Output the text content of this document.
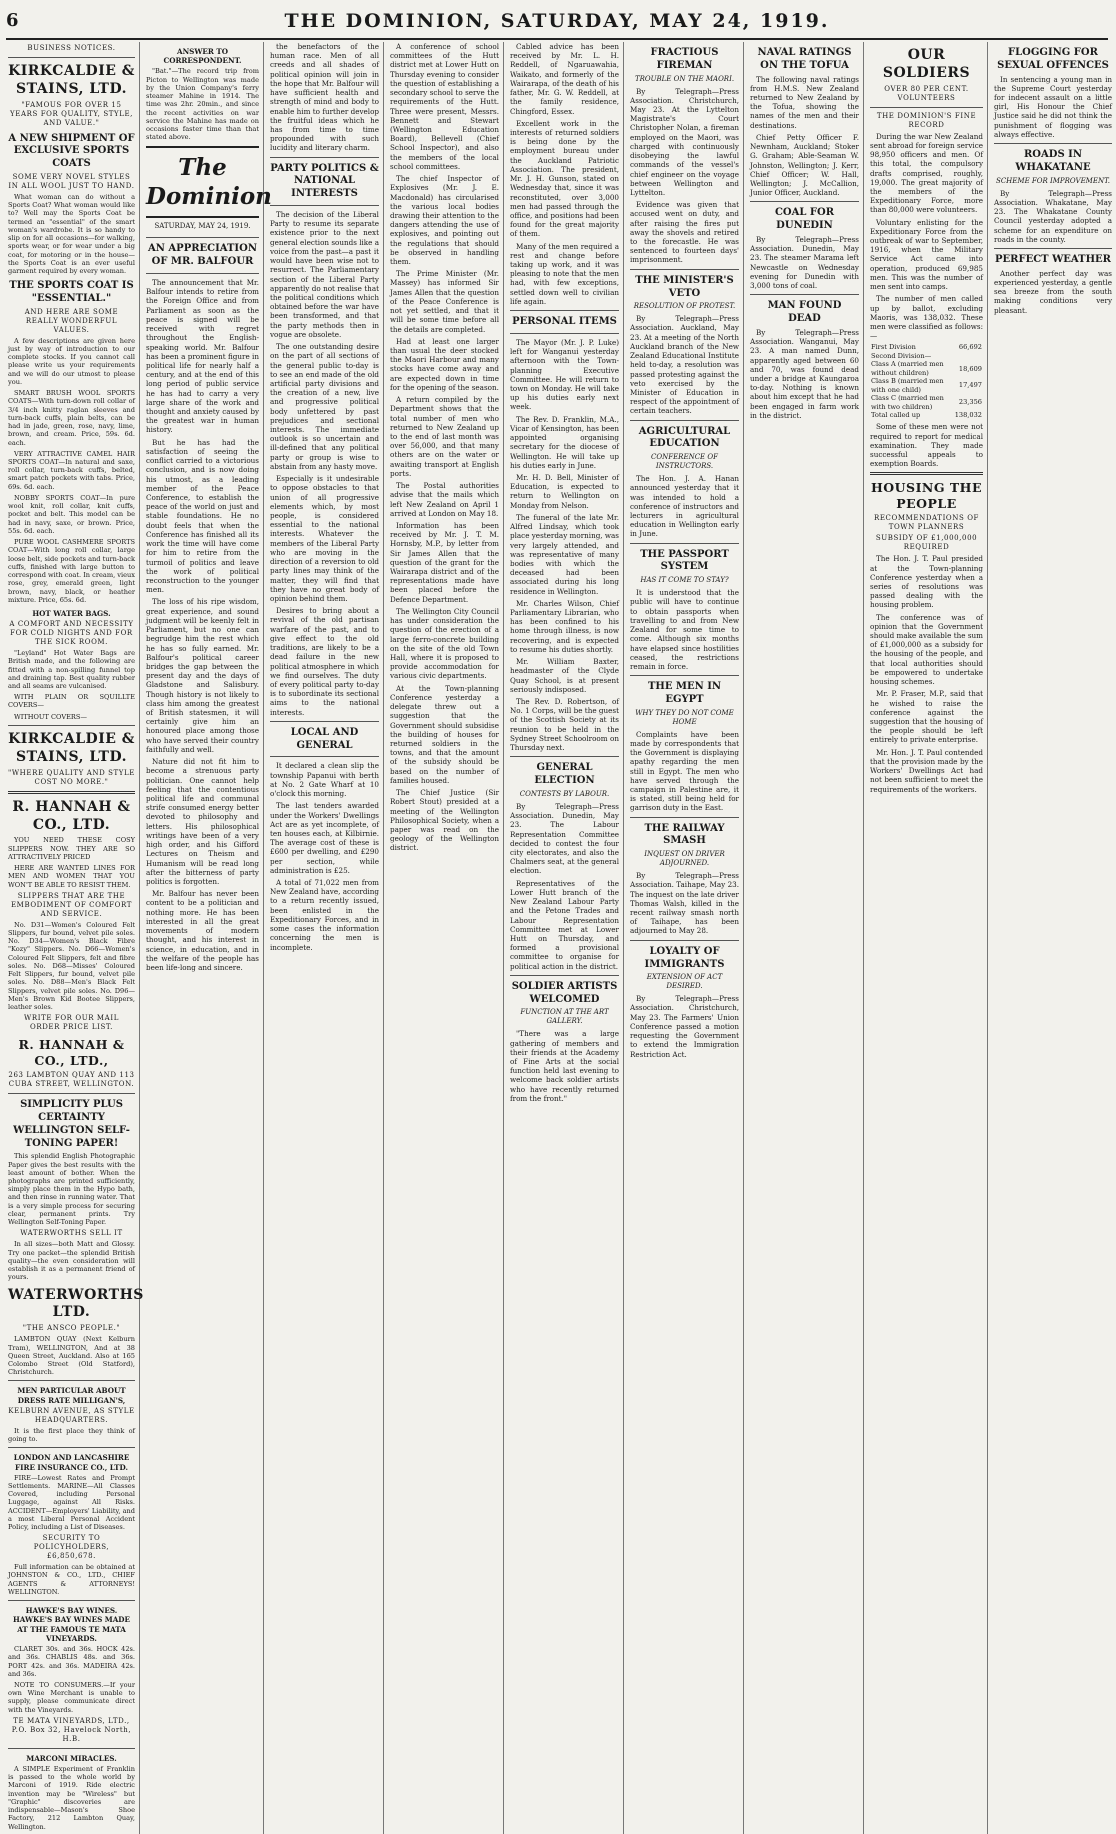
6	THE DOMINION, SATURDAY, MAY 24, 1919.
BUSINESS NOTICES.
KIRKCALDIE & STAINS, LTD.
"FAMOUS FOR OVER 15 YEARS FOR QUALITY, STYLE, AND VALUE."
A NEW SHIPMENT OF EXCLUSIVE SPORTS COATS
SOME VERY NOVEL STYLES IN ALL WOOL JUST TO HAND.

What woman can do without a Sports Coat? What woman would like to? Well may the Sports Coat be termed an "essential" of the smart woman's wardrobe. It is so handy to slip on for all occasions—for walking, sports wear, or for wear under a big coat, for motoring or in the house—the Sports Coat is an ever useful garment required by every woman.

THE SPORTS COAT IS "ESSENTIAL."
AND HERE ARE SOME REALLY WONDERFUL VALUES.

A few descriptions are given here just by way of introduction to our complete stocks. If you cannot call please write us your requirements and we will do our utmost to please you.

SMART BRUSH WOOL SPORTS COATS—With turn-down roll collar of 3/4 inch knitty raglan sleeves and turn-back cuffs, plain belts, can be had in jade, green, rose, navy, lime, brown, and cream. Price, 59s. 6d. each.

VERY ATTRACTIVE CAMEL HAIR SPORTS COAT—In natural and saxe, roll collar, turn-back cuffs, belted, smart patch pockets with tabs. Price, 69s. 6d. each.

NOBBY SPORTS COAT—In pure wool knit, roll collar, knit cuffs, pocket and belt. This model can be had in navy, saxe, or brown. Price, 55s. 6d. each.

PURE WOOL CASHMERE SPORTS COAT—With long roll collar, large loose belt, side pockets and turn-back cuffs, finished with large button to correspond with coat. In cream, vieux rose, grey, emerald green, light brown, navy, black, or heather mixture. Price, 65s. 6d.

HOT WATER BAGS.
A COMFORT AND NECESSITY FOR COLD NIGHTS AND FOR THE SICK ROOM.

"Leyland" Hot Water Bags are British made, and the following are fitted with a non-spilling funnel top and draining tap. Best quality rubber and all seams are vulcanised.

WITH PLAIN OR SQUILLTE COVERS—

WITHOUT COVERS—

KIRKCALDIE & STAINS, LTD.
"WHERE QUALITY AND STYLE COST NO MORE."
R. HANNAH & CO., LTD.

YOU NEED THESE COSY SLIPPERS NOW. THEY ARE SO ATTRACTIVELY PRICED

HERE ARE WANTED LINES FOR MEN AND WOMEN THAT YOU WON'T BE ABLE TO RESIST THEM.

SLIPPERS THAT ARE THE EMBODIMENT OF COMFORT AND SERVICE.

No. D31—Women's Coloured Felt Slippers, fur bound, velvet pile soles. No. D34—Women's Black Fibre "Kozy" Slippers. No. D66—Women's Coloured Felt Slippers, felt and fibre soles. No. D68—Misses' Coloured Felt Slippers, fur bound, velvet pile soles. No. D88—Men's Black Felt Slippers, velvet pile soles. No. D96—Men's Brown Kid Bootee Slippers, leather soles.

WRITE FOR OUR MAIL ORDER PRICE LIST.
R. HANNAH & CO., LTD.,
263 LAMBTON QUAY AND 113 CUBA STREET, WELLINGTON.
SIMPLICITY PLUS CERTAINTY WELLINGTON SELF-TONING PAPER!

This splendid English Photographic Paper gives the best results with the least amount of bother. When the photographs are printed sufficiently, simply place them in the Hypo bath, and then rinse in running water. That is a very simple process for securing clear, permanent prints. Try Wellington Self-Toning Paper.

WATERWORTHS SELL IT

In all sizes—both Matt and Glossy. Try one packet—the splendid British quality—the even consideration will establish it as a permanent friend of yours.

WATERWORTHS LTD.
"THE ANSCO PEOPLE."

LAMBTON QUAY (Next Kelburn Tram), WELLINGTON, And at 38 Queen Street, Auckland. Also at 165 Colombo Street (Old Statford), Christchurch.

MEN PARTICULAR ABOUT DRESS RATE MILLIGAN'S,
KELBURN AVENUE, AS STYLE HEADQUARTERS.

It is the first place they think of going to.

LONDON AND LANCASHIRE FIRE INSURANCE CO., LTD.

FIRE—Lowest Rates and Prompt Settlements. MARINE—All Classes Covered, including Personal Luggage, against All Risks. ACCIDENT—Employers' Liability, and a most Liberal Personal Accident Policy, including a List of Diseases.

SECURITY TO POLICYHOLDERS, £6,850,678.

Full information can be obtained at JOHNSTON & CO., LTD., CHIEF AGENTS & ATTORNEYS! WELLINGTON.

HAWKE'S BAY WINES. HAWKE'S BAY WINES MADE AT THE FAMOUS TE MATA VINEYARDS.

CLARET 30s. and 36s. HOCK 42s. and 36s. CHABLIS 48s. and 36s. PORT 42s. and 36s. MADEIRA 42s. and 36s.

NOTE TO CONSUMERS.—If your own Wine Merchant is unable to supply, please communicate direct with the Vineyards.

TE MATA VINEYARDS, LTD., P.O. Box 32, Havelock North, H.B.
MARCONI MIRACLES.

A SIMPLE Experiment of Franklin is passed to the whole world by Marconi of 1919. Ride electric invention may be "Wireless" but "Graphic" discoveries are indispensable—Mason's Shoe Factory, 212 Lambton Quay, Wellington.

ANSWER TO CORRESPONDENT.

"Bat."—The record trip from Picton to Wellington was made by the Union Company's ferry steamer Mahine in 1914. The time was 2hr. 20min., and since the recent activities on war service the Mahine has made on occasions faster time than that stated above.

The Dominion
SATURDAY, MAY 24, 1919.
AN APPRECIATION OF MR. BALFOUR

The announcement that Mr. Balfour intends to retire from the Foreign Office and from Parliament as soon as the peace is signed will be received with regret throughout the English-speaking world. Mr. Balfour has been a prominent figure in political life for nearly half a century, and at the end of this long period of public service he has had to carry a very large share of the work and thought and anxiety caused by the greatest war in human history.

But he has had the satisfaction of seeing the conflict carried to a victorious conclusion, and is now doing his utmost, as a leading member of the Peace Conference, to establish the peace of the world on just and stable foundations. He no doubt feels that when the Conference has finished all its work the time will have come for him to retire from the turmoil of politics and leave the work of political reconstruction to the younger men.

The loss of his ripe wisdom, great experience, and sound judgment will be keenly felt in Parliament, but no one can begrudge him the rest which he has so fully earned. Mr. Balfour's political career bridges the gap between the present day and the days of Gladstone and Salisbury. Though history is not likely to class him among the greatest of British statesmen, it will certainly give him an honoured place among those who have served their country faithfully and well.

Nature did not fit him to become a strenuous party politician. One cannot help feeling that the contentious political life and communal strife consumed energy better devoted to philosophy and letters. His philosophical writings have been of a very high order, and his Gifford Lectures on Theism and Humanism will be read long after the bitterness of party politics is forgotten.

Mr. Balfour has never been content to be a politician and nothing more. He has been interested in all the great movements of modern thought, and his interest in science, in education, and in the welfare of the people has been life-long and sincere.

the benefactors of the human race. Men of all creeds and all shades of political opinion will join in the hope that Mr. Balfour will have sufficient health and strength of mind and body to enable him to further develop the fruitful ideas which he has from time to time propounded with such lucidity and literary charm.

PARTY POLITICS & NATIONAL INTERESTS

The decision of the Liberal Party to resume its separate existence prior to the next general election sounds like a voice from the past—a past it would have been wise not to resurrect. The Parliamentary section of the Liberal Party apparently do not realise that the political conditions which obtained before the war have been transformed, and that the party methods then in vogue are obsolete.

The one outstanding desire on the part of all sections of the general public to-day is to see an end made of the old artificial party divisions and the creation of a new, live and progressive political body unfettered by past prejudices and sectional interests. The immediate outlook is so uncertain and ill-defined that any political party or group is wise to abstain from any hasty move.

Especially is it undesirable to oppose obstacles to that union of all progressive elements which, by most people, is considered essential to the national interests. Whatever the members of the Liberal Party who are moving in the direction of a reversion to old party lines may think of the matter, they will find that they have no great body of opinion behind them.

Desires to bring about a revival of the old partisan warfare of the past, and to give effect to the old traditions, are likely to be a dead failure in the new political atmosphere in which we find ourselves. The duty of every political party to-day is to subordinate its sectional aims to the national interests.

LOCAL AND GENERAL

It declared a clean slip the township Papanui with berth at No. 2 Gate Wharf at 10 o'clock this morning.

The last tenders awarded under the Workers' Dwellings Act are as yet incomplete, of ten houses each, at Kilbirnie. The average cost of these is £600 per dwelling, and £290 per section, while administration is £25.

A total of 71,022 men from New Zealand have, according to a return recently issued, been enlisted in the Expeditionary Forces, and in some cases the information concerning the men is incomplete.

A conference of school committees of the Hutt district met at Lower Hutt on Thursday evening to consider the question of establishing a secondary school to serve the requirements of the Hutt. Three were present, Messrs. Bennett and Stewart (Wellington Education Board), Bellevell (Chief School Inspector), and also the members of the local school committees.

The chief Inspector of Explosives (Mr. J. E. Macdonald) has circularised the various local bodies drawing their attention to the dangers attending the use of explosives, and pointing out the regulations that should be observed in handling them.

The Prime Minister (Mr. Massey) has informed Sir James Allen that the question of the Peace Conference is not yet settled, and that it will be some time before all the details are completed.

Had at least one larger than usual the deer stocked the Maori Harbour and many stocks have come away and are expected down in time for the opening of the season.

A return compiled by the Department shows that the total number of men who returned to New Zealand up to the end of last month was over 56,000, and that many others are on the water or awaiting transport at English ports.

The Postal authorities advise that the mails which left New Zealand on April 1 arrived at London on May 18.

Information has been received by Mr. J. T. M. Hornsby, M.P., by letter from Sir James Allen that the question of the grant for the Wairarapa district and of the representations made have been placed before the Defence Department.

The Wellington City Council has under consideration the question of the erection of a large ferro-concrete building on the site of the old Town Hall, where it is proposed to provide accommodation for various civic departments.

At the Town-planning Conference yesterday a delegate threw out a suggestion that the Government should subsidise the building of houses for returned soldiers in the towns, and that the amount of the subsidy should be based on the number of families housed.

The Chief Justice (Sir Robert Stout) presided at a meeting of the Wellington Philosophical Society, when a paper was read on the geology of the Wellington district.

Cabled advice has been received by Mr. L. H. Reddell, of Ngaruawahia, Waikato, and formerly of the Wairarapa, of the death of his father, Mr. G. W. Reddell, at the family residence, Chingford, Essex.

Excellent work in the interests of returned soldiers is being done by the employment bureau under the Auckland Patriotic Association. The president, Mr. J. H. Gunson, stated on Wednesday that, since it was reconstituted, over 3,000 men had passed through the office, and positions had been found for the great majority of them.

Many of the men required a rest and change before taking up work, and it was pleasing to note that the men had, with few exceptions, settled down well to civilian life again.

PERSONAL ITEMS

The Mayor (Mr. J. P. Luke) left for Wanganui yesterday afternoon with the Town-planning Executive Committee. He will return to town on Monday. He will take up his duties early next week.

The Rev. D. Franklin, M.A., Vicar of Kensington, has been appointed organising secretary for the diocese of Wellington. He will take up his duties early in June.

Mr. H. D. Bell, Minister of Education, is expected to return to Wellington on Monday from Nelson.

The funeral of the late Mr. Alfred Lindsay, which took place yesterday morning, was very largely attended, and was representative of many bodies with which the deceased had been associated during his long residence in Wellington.

Mr. Charles Wilson, Chief Parliamentary Librarian, who has been confined to his home through illness, is now recovering, and is expected to resume his duties shortly.

Mr. William Baxter, headmaster of the Clyde Quay School, is at present seriously indisposed.

The Rev. D. Robertson, of No. 1 Corps, will be the guest of the Scottish Society at its reunion to be held in the Sydney Street Schoolroom on Thursday next.

GENERAL ELECTION
CONTESTS BY LABOUR.

By Telegraph—Press Association. Dunedin, May 23. The Labour Representation Committee decided to contest the four city electorates, and also the Chalmers seat, at the general election.

Representatives of the Lower Hutt branch of the New Zealand Labour Party and the Petone Trades and Labour Representation Committee met at Lower Hutt on Thursday, and formed a provisional committee to organise for political action in the district.

SOLDIER ARTISTS WELCOMED
FUNCTION AT THE ART GALLERY.

"There was a large gathering of members and their friends at the Academy of Fine Arts at the social function held last evening to welcome back soldier artists who have recently returned from the front."

FRACTIOUS FIREMAN
TROUBLE ON THE MAORI.

By Telegraph—Press Association. Christchurch, May 23. At the Lyttelton Magistrate's Court Christopher Nolan, a fireman employed on the Maori, was charged with continuously disobeying the lawful commands of the vessel's chief engineer on the voyage between Wellington and Lyttelton.

Evidence was given that accused went on duty, and after raising the fires put away the shovels and retired to the forecastle. He was sentenced to fourteen days' imprisonment.

THE MINISTER'S VETO
RESOLUTION OF PROTEST.

By Telegraph—Press Association. Auckland, May 23. At a meeting of the North Auckland branch of the New Zealand Educational Institute held to-day, a resolution was passed protesting against the veto exercised by the Minister of Education in respect of the appointment of certain teachers.

AGRICULTURAL EDUCATION
CONFERENCE OF INSTRUCTORS.

The Hon. J. A. Hanan announced yesterday that it was intended to hold a conference of instructors and lecturers in agricultural education in Wellington early in June.

THE PASSPORT SYSTEM
HAS IT COME TO STAY?

It is understood that the public will have to continue to obtain passports when travelling to and from New Zealand for some time to come. Although six months have elapsed since hostilities ceased, the restrictions remain in force.

THE MEN IN EGYPT
WHY THEY DO NOT COME HOME

Complaints have been made by correspondents that the Government is displaying apathy regarding the men still in Egypt. The men who have served through the campaign in Palestine are, it is stated, still being held for garrison duty in the East.

THE RAILWAY SMASH
INQUEST ON DRIVER ADJOURNED.

By Telegraph—Press Association. Taihape, May 23. The inquest on the late driver Thomas Walsh, killed in the recent railway smash north of Taihape, has been adjourned to May 28.

LOYALTY OF IMMIGRANTS
EXTENSION OF ACT DESIRED.

By Telegraph—Press Association. Christchurch, May 23. The Farmers' Union Conference passed a motion requesting the Government to extend the Immigration Restriction Act.

NAVAL RATINGS ON THE TOFUA

The following naval ratings from H.M.S. New Zealand returned to New Zealand by the Tofua, showing the names of the men and their destinations.

Chief Petty Officer F. Newnham, Auckland; Stoker G. Graham; Able-Seaman W. Johnston, Wellington; J. Kerr, Chief Officer; W. Hall, Wellington; J. McCallion, Junior Officer, Auckland.

COAL FOR DUNEDIN

By Telegraph—Press Association. Dunedin, May 23. The steamer Marama left Newcastle on Wednesday evening for Dunedin with 3,000 tons of coal.

MAN FOUND DEAD

By Telegraph—Press Association. Wanganui, May 23. A man named Dunn, apparently aged between 60 and 70, was found dead under a bridge at Kaungaroa to-day. Nothing is known about him except that he had been engaged in farm work in the district.

OUR SOLDIERS
OVER 80 PER CENT. VOLUNTEERS
THE DOMINION'S FINE RECORD

During the war New Zealand sent abroad for foreign service 98,950 officers and men. Of this total, the compulsory drafts comprised, roughly, 19,000. The great majority of the members of the Expeditionary Force, more than 80,000 were volunteers.

Voluntary enlisting for the Expeditionary Force from the outbreak of war to September, 1916, when the Military Service Act came into operation, produced 69,985 men. This was the number of men sent into camps.

The number of men called up by ballot, excluding Maoris, was 138,032. These men were classified as follows:—

First Division	66,692
Second Division—	
Class A (married men without children)	18,609
Class B (married men with one child)	17,497
Class C (married men with two children)	23,356
Total called up	138,032

Some of these men were not required to report for medical examination. They made successful appeals to exemption Boards.

HOUSING THE PEOPLE
RECOMMENDATIONS OF TOWN PLANNERS
SUBSIDY OF £1,000,000 REQUIRED

The Hon. J. T. Paul presided at the Town-planning Conference yesterday when a series of resolutions was passed dealing with the housing problem.

The conference was of opinion that the Government should make available the sum of £1,000,000 as a subsidy for the housing of the people, and that local authorities should be empowered to undertake housing schemes.

Mr. P. Fraser, M.P., said that he wished to raise the conference against the suggestion that the housing of the people should be left entirely to private enterprise.

Mr. Hon. J. T. Paul contended that the provision made by the Workers' Dwellings Act had not been sufficient to meet the requirements of the workers.

FLOGGING FOR SEXUAL OFFENCES

In sentencing a young man in the Supreme Court yesterday for indecent assault on a little girl, His Honour the Chief Justice said he did not think the punishment of flogging was always effective.

ROADS IN WHAKATANE
SCHEME FOR IMPROVEMENT.

By Telegraph—Press Association. Whakatane, May 23. The Whakatane County Council yesterday adopted a scheme for an expenditure on roads in the county.

PERFECT WEATHER

Another perfect day was experienced yesterday, a gentle sea breeze from the south making conditions very pleasant.
